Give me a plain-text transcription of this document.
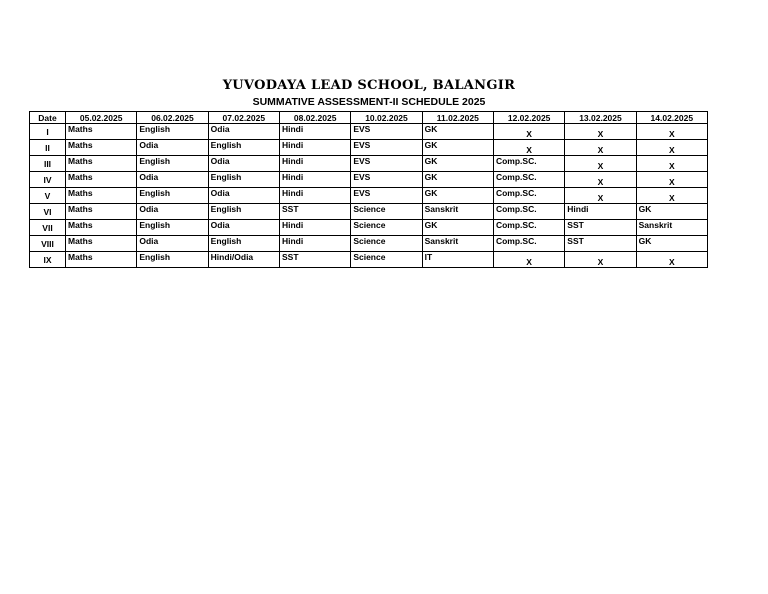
YUVODAYA LEAD SCHOOL, BALANGIR
SUMMATIVE ASSESSMENT-II SCHEDULE 2025
Date	05.02.2025	06.02.2025	07.02.2025	08.02.2025	10.02.2025	11.02.2025	12.02.2025	13.02.2025	14.02.2025
I	Maths	English	Odia	Hindi	EVS	GK	X	X	X
II	Maths	Odia	English	Hindi	EVS	GK	X	X	X
III	Maths	English	Odia	Hindi	EVS	GK	Comp.SC.	X	X
IV	Maths	Odia	English	Hindi	EVS	GK	Comp.SC.	X	X
V	Maths	English	Odia	Hindi	EVS	GK	Comp.SC.	X	X
VI	Maths	Odia	English	SST	Science	Sanskrit	Comp.SC.	Hindi	GK
VII	Maths	English	Odia	Hindi	Science	GK	Comp.SC.	SST	Sanskrit
VIII	Maths	Odia	English	Hindi	Science	Sanskrit	Comp.SC.	SST	GK
IX	Maths	English	Hindi/Odia	SST	Science	IT	X	X	X
